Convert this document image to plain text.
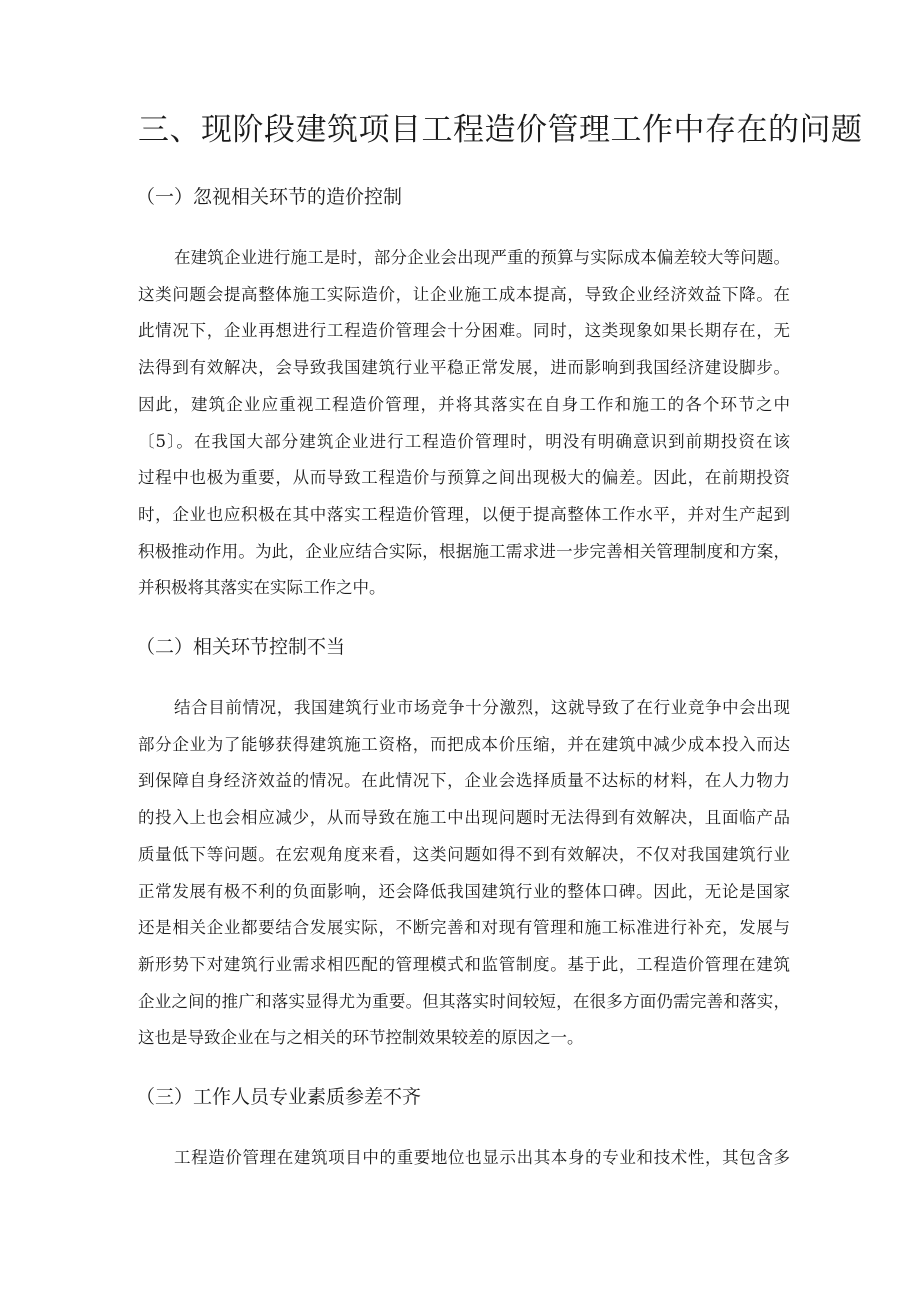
三、现阶段建筑项目工程造价管理工作中存在的问题
（一）忽视相关环节的造价控制
在建筑企业进行施工是时，部分企业会出现严重的预算与实际成本偏差较大等问题。
这类问题会提高整体施工实际造价，让企业施工成本提高，导致企业经济效益下降。在
此情况下，企业再想进行工程造价管理会十分困难。同时，这类现象如果长期存在，无
法得到有效解决，会导致我国建筑行业平稳正常发展，进而影响到我国经济建设脚步。
因此，建筑企业应重视工程造价管理，并将其落实在自身工作和施工的各个环节之中
〔5〕。在我国大部分建筑企业进行工程造价管理时，明没有明确意识到前期投资在该
过程中也极为重要，从而导致工程造价与预算之间出现极大的偏差。因此，在前期投资
时，企业也应积极在其中落实工程造价管理，以便于提高整体工作水平，并对生产起到
积极推动作用。为此，企业应结合实际，根据施工需求进一步完善相关管理制度和方案，
并积极将其落实在实际工作之中。
（二）相关环节控制不当
结合目前情况，我国建筑行业市场竞争十分激烈，这就导致了在行业竞争中会出现
部分企业为了能够获得建筑施工资格，而把成本价压缩，并在建筑中减少成本投入而达
到保障自身经济效益的情况。在此情况下，企业会选择质量不达标的材料，在人力物力
的投入上也会相应减少，从而导致在施工中出现问题时无法得到有效解决，且面临产品
质量低下等问题。在宏观角度来看，这类问题如得不到有效解决，不仅对我国建筑行业
正常发展有极不利的负面影响，还会降低我国建筑行业的整体口碑。因此，无论是国家
还是相关企业都要结合发展实际，不断完善和对现有管理和施工标准进行补充，发展与
新形势下对建筑行业需求相匹配的管理模式和监管制度。基于此，工程造价管理在建筑
企业之间的推广和落实显得尤为重要。但其落实时间较短，在很多方面仍需完善和落实，
这也是导致企业在与之相关的环节控制效果较差的原因之一。
（三）工作人员专业素质参差不齐
工程造价管理在建筑项目中的重要地位也显示出其本身的专业和技术性，其包含多
